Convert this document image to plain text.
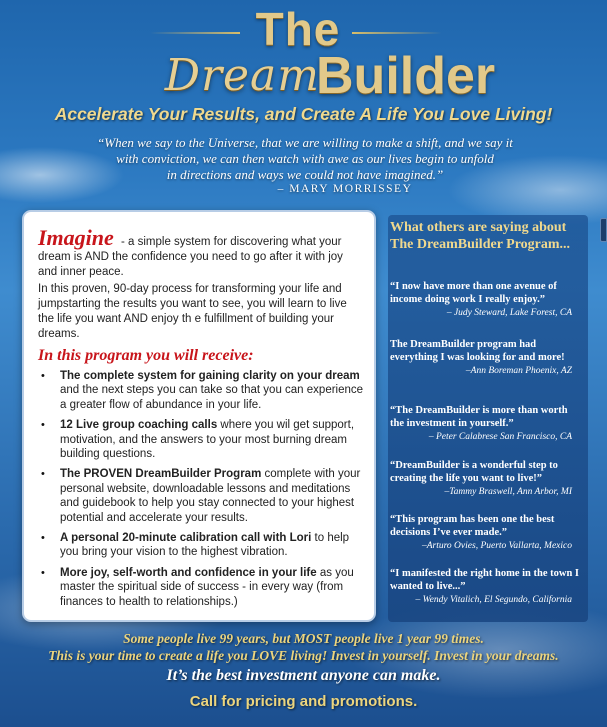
The
Dream
Builder
Accelerate Your Results, and Create A Life You Love Living!
“When we say to the Universe, that we are willing to make a shift, and we say it
with conviction, we can then watch with awe as our lives begin to unfold
in directions and ways we could not have imagined.”
– MARY MORRISSEY
Imagine - a simple system for discovering what your dream is AND the confidence you need to go after it with joy and inner peace.
In this proven, 90-day process for transforming your life and jumpstarting the results you want to see, you will learn to live the life you want AND enjoy th e fulfillment of building your dreams.
In this program you will receive:
• The complete system for gaining clarity on your dream and the next steps you can take so that you can experience a greater flow of abundance in your life.
• 12 Live group coaching calls where you wil get support, motivation, and the answers to your most burning dream building questions.
• The PROVEN DreamBuilder Program complete with your personal website, downloadable lessons and meditations and guidebook to help you stay connected to your highest potential and accelerate your results.
• A personal 20-minute calibration call with Lori to help you bring your vision to the highest vibration.
• More joy, self-worth and confidence in your life as you master the spiritual side of success - in every way (from finances to health to relationships.)
What others are saying about The DreamBuilder Program...
“I now have more than one avenue of income doing work I really enjoy.”
– Judy Steward, Lake Forest, CA
The DreamBuilder program had everything I was looking for and more!
–Ann Boreman Phoenix, AZ
“The DreamBuilder is more than worth the investment in yourself.”
– Peter Calabrese San Francisco, CA
“DreamBuilder is a wonderful step to creating the life you want to live!”
–Tammy Braswell, Ann Arbor, MI
“This program has been one the best decisions I’ve ever made.”
–Arturo Ovies, Puerto Vallarta, Mexico
“I manifested the right home in the town I wanted to live...”
– Wendy Vitalich, El Segundo, California
Some people live 99 years, but MOST people live 1 year 99 times.
This is your time to create a life you LOVE living! Invest in yourself. Invest in your dreams.
It’s the best investment anyone can make.
Call for pricing and promotions.
